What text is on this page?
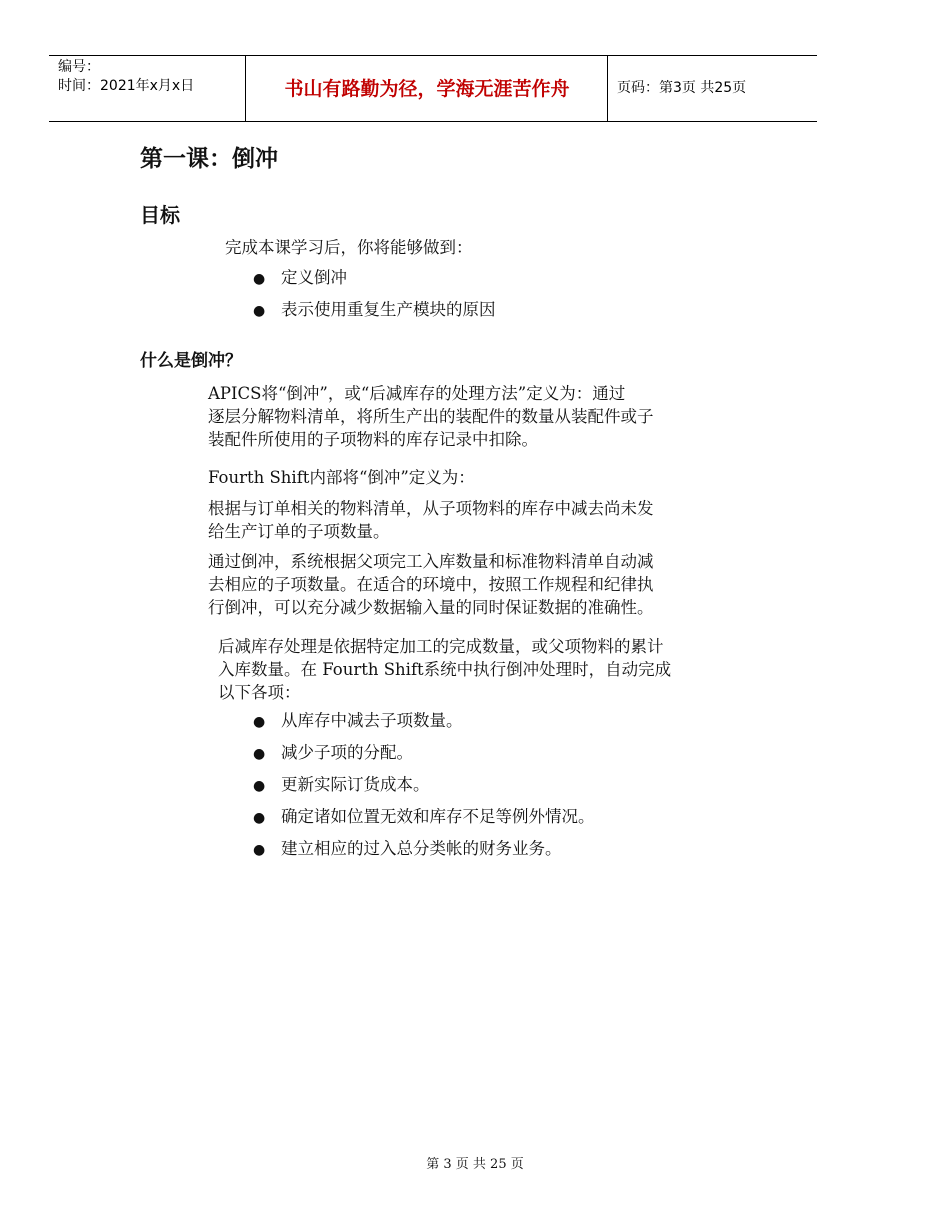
编号：
时间：2021年x月x日	书山有路勤为径，学海无涯苦作舟	页码：第3页 共25页
第一课：倒冲
目标
完成本课学习后，你将能够做到：
● 定义倒冲
● 表示使用重复生产模块的原因
什么是倒冲？
APICS将“倒冲”，或“后减库存的处理方法”定义为：通过
逐层分解物料清单，将所生产出的装配件的数量从装配件或子
装配件所使用的子项物料的库存记录中扣除。
Fourth Shift内部将“倒冲”定义为：
根据与订单相关的物料清单，从子项物料的库存中减去尚未发
给生产订单的子项数量。
通过倒冲，系统根据父项完工入库数量和标准物料清单自动减
去相应的子项数量。在适合的环境中，按照工作规程和纪律执
行倒冲，可以充分减少数据输入量的同时保证数据的准确性。
后减库存处理是依据特定加工的完成数量，或父项物料的累计
入库数量。在 Fourth Shift系统中执行倒冲处理时，自动完成
以下各项：
● 从库存中减去子项数量。
● 减少子项的分配。
● 更新实际订货成本。
● 确定诸如位置无效和库存不足等例外情况。
● 建立相应的过入总分类帐的财务业务。
第 3 页 共 25 页
